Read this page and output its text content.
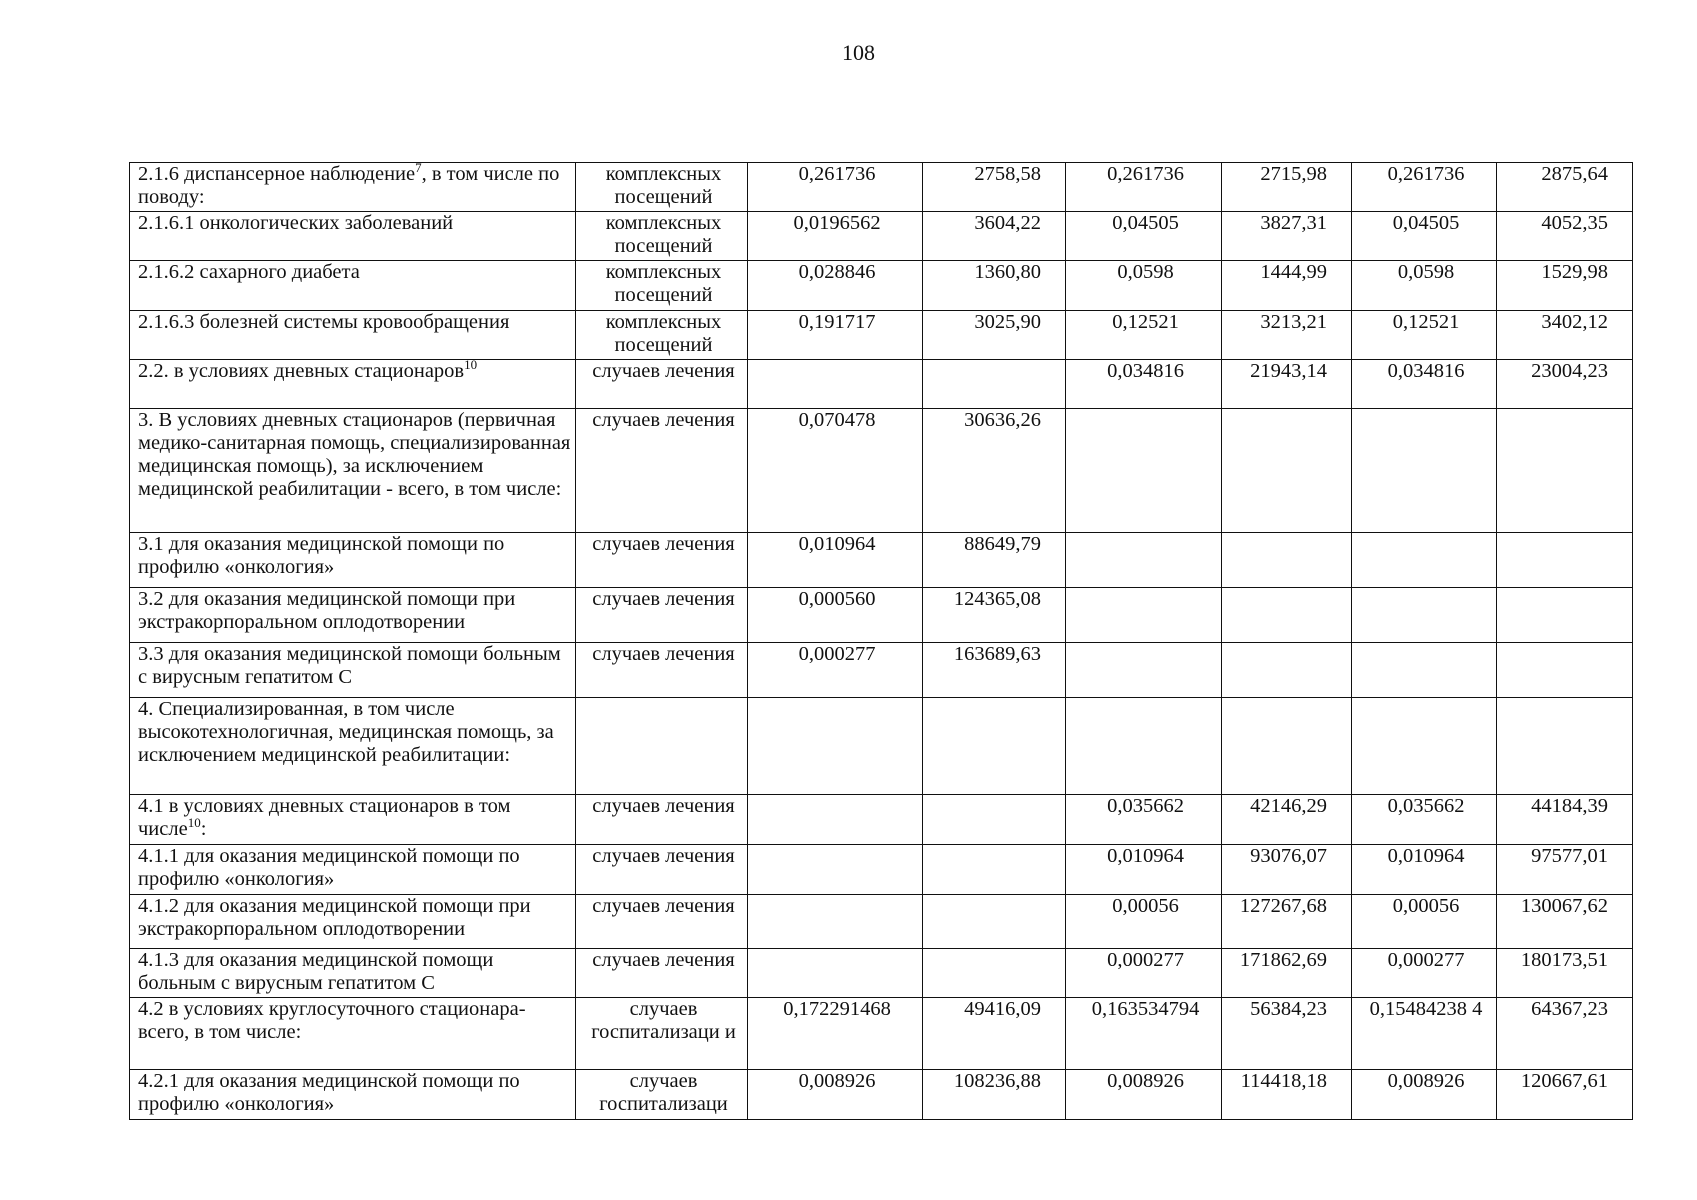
108
2.1.6 диспансерное наблюдение$^7$, в том числе по поводу:	комплексных посещений	0,261736	2758,58	0,261736	2715,98	0,261736	2875,64
2.1.6.1 онкологических заболеваний	комплексных посещений	0,0196562	3604,22	0,04505	3827,31	0,04505	4052,35
2.1.6.2 сахарного диабета	комплексных посещений	0,028846	1360,80	0,0598	1444,99	0,0598	1529,98
2.1.6.3 болезней системы кровообращения	комплексных посещений	0,191717	3025,90	0,12521	3213,21	0,12521	3402,12
2.2. в условиях дневных стационаров$^{10}$	случаев лечения			0,034816	21943,14	0,034816	23004,23
3. В условиях дневных стационаров (первичная медико-санитарная помощь, специализированная медицинская помощь), за исключением медицинской реабилитации - всего, в том числе:	случаев лечения	0,070478	30636,26				
3.1 для оказания медицинской помощи по профилю «онкология»	случаев лечения	0,010964	88649,79				
3.2 для оказания медицинской помощи при экстракорпоральном оплодотворении	случаев лечения	0,000560	124365,08				
3.3 для оказания медицинской помощи больным с вирусным гепатитом С	случаев лечения	0,000277	163689,63				
4. Специализированная, в том числе высокотехнологичная, медицинская помощь, за исключением медицинской реабилитации:							
4.1 в условиях дневных стационаров в том числе$^{10}$:	случаев лечения			0,035662	42146,29	0,035662	44184,39
4.1.1 для оказания медицинской помощи по профилю «онкология»	случаев лечения			0,010964	93076,07	0,010964	97577,01
4.1.2 для оказания медицинской помощи при экстракорпоральном оплодотворении	случаев лечения			0,00056	127267,68	0,00056	130067,62
4.1.3 для оказания медицинской помощи больным с вирусным гепатитом С	случаев лечения			0,000277	171862,69	0,000277	180173,51
4.2 в условиях круглосуточного стационара- всего, в том числе:	случаев госпитализаци и	0,172291468	49416,09	0,163534794	56384,23	0,15484238 4	64367,23
4.2.1 для оказания медицинской помощи по профилю «онкология»	случаев госпитализаци	0,008926	108236,88	0,008926	114418,18	0,008926	120667,61
